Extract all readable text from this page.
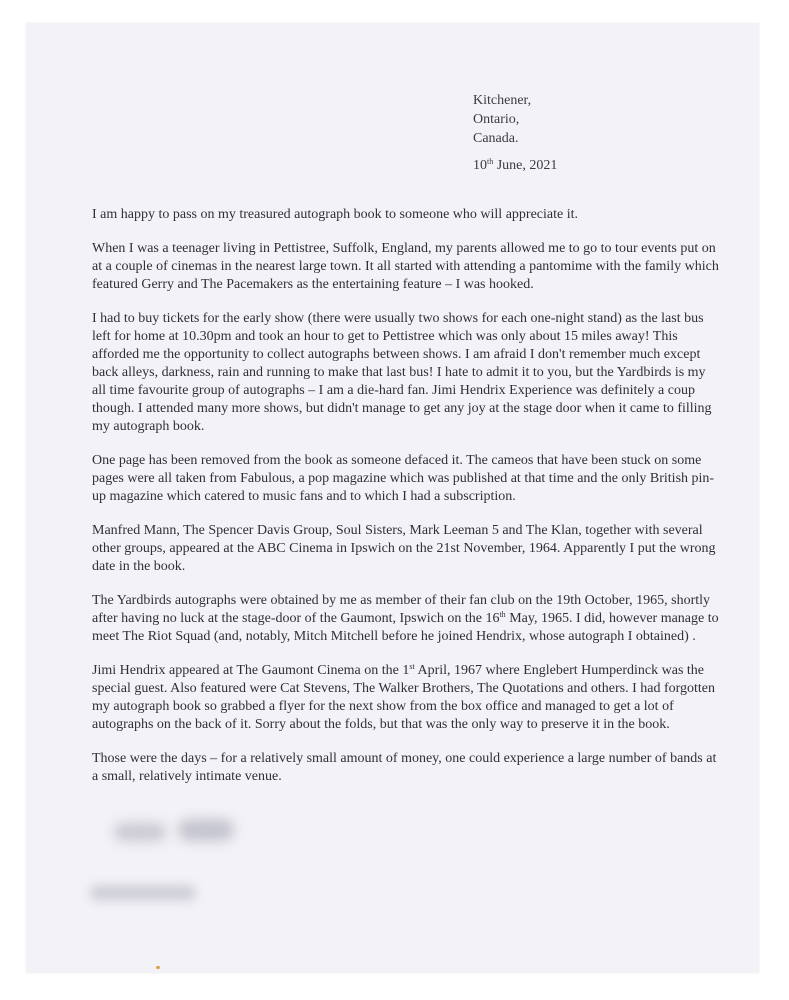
Kitchener,
Ontario,
Canada.
10th June, 2021

I am happy to pass on my treasured autograph book to someone who will appreciate it.

When I was a teenager living in Pettistree, Suffolk, England, my parents allowed me to go to tour events put on at a couple of cinemas in the nearest large town. It all started with attending a pantomime with the family which featured Gerry and The Pacemakers as the entertaining feature – I was hooked.

I had to buy tickets for the early show (there were usually two shows for each one-night stand) as the last bus left for home at 10.30pm and took an hour to get to Pettistree which was only about 15 miles away! This afforded me the opportunity to collect autographs between shows. I am afraid I don't remember much except back alleys, darkness, rain and running to make that last bus! I hate to admit it to you, but the Yardbirds is my all time favourite group of autographs – I am a die-hard fan. Jimi Hendrix Experience was definitely a coup though. I attended many more shows, but didn't manage to get any joy at the stage door when it came to filling my autograph book.

One page has been removed from the book as someone defaced it. The cameos that have been stuck on some pages were all taken from Fabulous, a pop magazine which was published at that time and the only British pin-up magazine which catered to music fans and to which I had a subscription.

Manfred Mann, The Spencer Davis Group, Soul Sisters, Mark Leeman 5 and The Klan, together with several other groups, appeared at the ABC Cinema in Ipswich on the 21st November, 1964. Apparently I put the wrong date in the book.

The Yardbirds autographs were obtained by me as member of their fan club on the 19th October, 1965, shortly after having no luck at the stage-door of the Gaumont, Ipswich on the 16th May, 1965. I did, however manage to meet The Riot Squad (and, notably, Mitch Mitchell before he joined Hendrix, whose autograph I obtained) .

Jimi Hendrix appeared at The Gaumont Cinema on the 1st April, 1967 where Englebert Humperdinck was the special guest. Also featured were Cat Stevens, The Walker Brothers, The Quotations and others. I had forgotten my autograph book so grabbed a flyer for the next show from the box office and managed to get a lot of autographs on the back of it. Sorry about the folds, but that was the only way to preserve it in the book.

Those were the days – for a relatively small amount of money, one could experience a large number of bands at a small, relatively intimate venue.
